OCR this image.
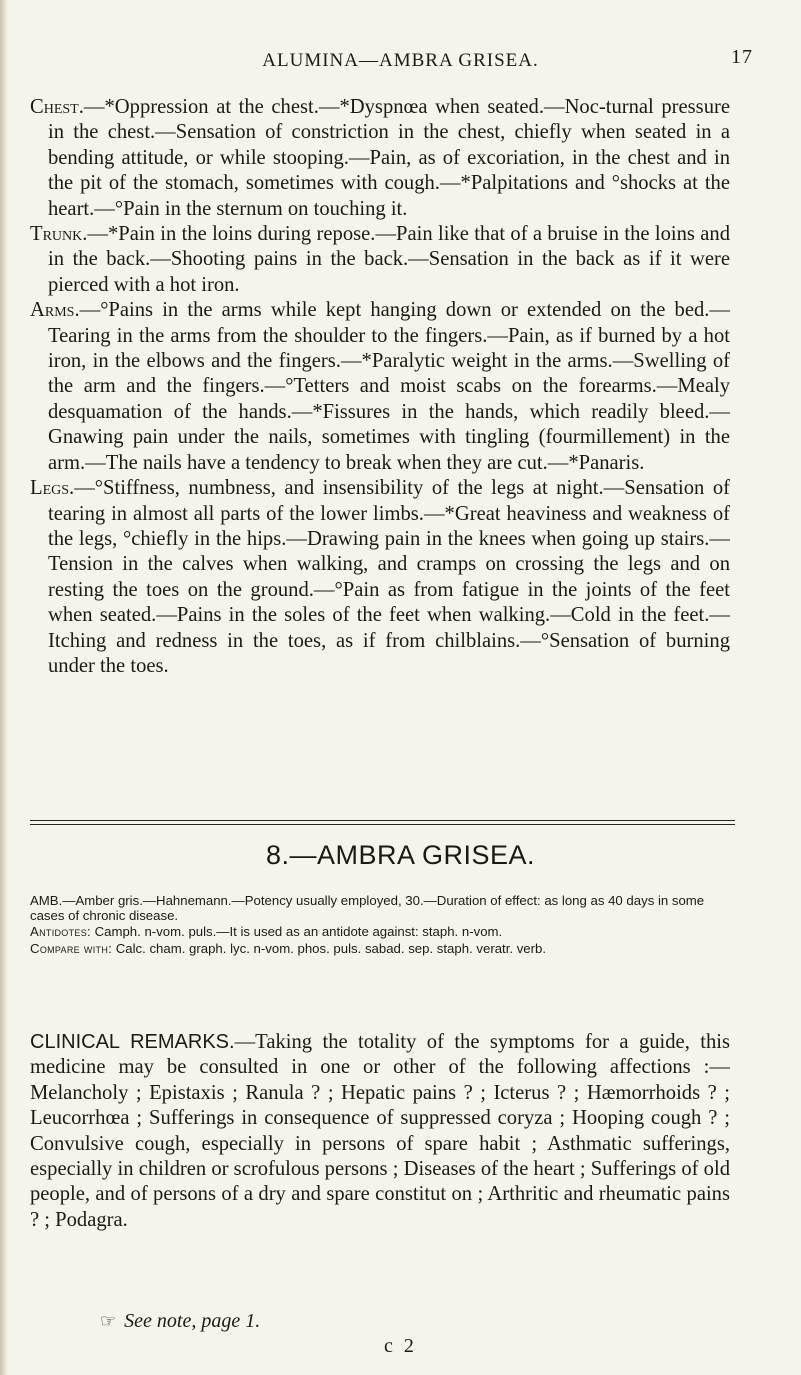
ALUMINA—AMBRA GRISEA.	17

Chest.—*Oppression at the chest.—*Dyspnœa when seated.—Noc-turnal pressure in the chest.—Sensation of constriction in the chest, chiefly when seated in a bending attitude, or while stooping.—Pain, as of excoriation, in the chest and in the pit of the stomach, sometimes with cough.—*Palpitations and °shocks at the heart.—°Pain in the sternum on touching it.

Trunk.—*Pain in the loins during repose.—Pain like that of a bruise in the loins and in the back.—Shooting pains in the back.—Sensation in the back as if it were pierced with a hot iron.

Arms.—°Pains in the arms while kept hanging down or extended on the bed.—Tearing in the arms from the shoulder to the fingers.—Pain, as if burned by a hot iron, in the elbows and the fingers.—*Paralytic weight in the arms.—Swelling of the arm and the fingers.—°Tetters and moist scabs on the forearms.—Mealy desquamation of the hands.—*Fissures in the hands, which readily bleed.—Gnawing pain under the nails, sometimes with tingling (fourmillement) in the arm.—The nails have a tendency to break when they are cut.—*Panaris.

Legs.—°Stiffness, numbness, and insensibility of the legs at night.—Sensation of tearing in almost all parts of the lower limbs.—*Great heaviness and weakness of the legs, °chiefly in the hips.—Drawing pain in the knees when going up stairs.—Tension in the calves when walking, and cramps on crossing the legs and on resting the toes on the ground.—°Pain as from fatigue in the joints of the feet when seated.—Pains in the soles of the feet when walking.—Cold in the feet.—Itching and redness in the toes, as if from chilblains.—°Sensation of burning under the toes.

8.—AMBRA GRISEA.

AMB.—Amber gris.—Hahnemann.—Potency usually employed, 30.—Duration of effect: as long as 40 days in some cases of chronic disease.

Antidotes: Camph. n-vom. puls.—It is used as an antidote against: staph. n-vom.

Compare with: Calc. cham. graph. lyc. n-vom. phos. puls. sabad. sep. staph. veratr. verb.

CLINICAL REMARKS.—Taking the totality of the symptoms for a guide, this medicine may be consulted in one or other of the following affections :—Melancholy ; Epistaxis ; Ranula ? ; Hepatic pains ? ; Icterus ? ; Hæmorrhoids ? ; Leucorrhœa ; Sufferings in consequence of suppressed coryza ; Hooping cough ? ; Convulsive cough, especially in persons of spare habit ; Asthmatic sufferings, especially in children or scrofulous persons ; Diseases of the heart ; Sufferings of old people, and of persons of a dry and spare constitut on ; Arthritic and rheumatic pains ? ; Podagra.
☞ See note, page 1.
c 2
